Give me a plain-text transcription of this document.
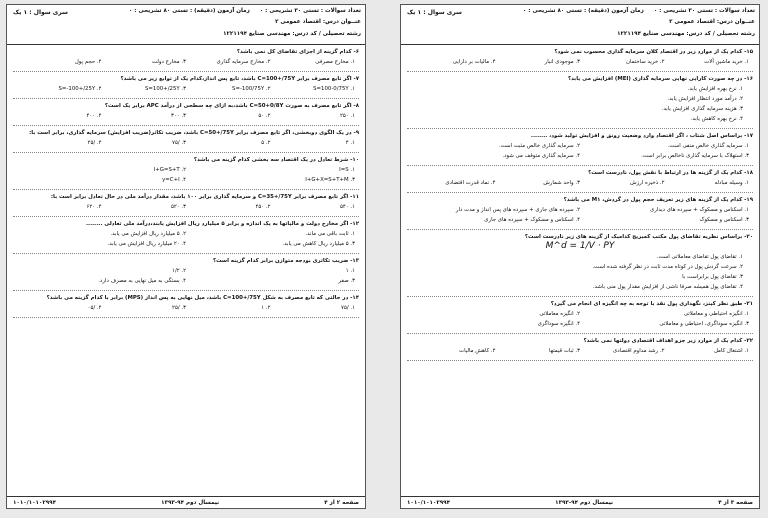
تعداد سوالات : تستی ۳۰ تشریحی : ۰
زمان آزمون (دقیقه) : تستی ۸۰ تشریحی : ۰
سری سوال : ۱ یک
عنــوان درس: اقتصاد عمومی ۲
رشته تحصیلی / کد درس: مهندسی صنایع ۱۲۲۱۱۹۴
۱۵- کدام یک از موارد زیر در اقتصاد کلان سرمایه گذاری محسوب نمی شود؟
۱. خرید ماشین آلات
۲. خرید ساختمان
۳. موجودی انبار
۴. مالیات بر دارایی
۱۶- در چه صورت کارایی نهایی سرمایه گذاری (MEI) افزایش می یابد؟
۱. نرخ بهره افزایش یابد.
۲. درآمد مورد انتظار افزایش یابد.
۳. هزینه سرمایه گذاری افزایش یابد.
۴. نرخ بهره کاهش یابد.
۱۷- براساس اصل شتاب ، اگر اقتصاد وارد وضعیت رونق و افزایش تولید شود، ........
۱. سرمایه گذاری خالص منفی است.
۲. سرمایه گذاری خالص مثبت است.
۳. استهلاک با سرمایه گذاری ناخالص برابر است.
۴. سرمایه گذاری متوقف می شود.
۱۸- کدام یک از گزینه ها در ارتباط با نقش پول، نادرست است؟
۱. وسیله مبادله
۲. ذخیره ارزش
۳. واحد شمارش
۴. نماد قدرت اقتصادی
۱۹- کدام یک از گزینه های زیر تعریف حجم پول در گردش، M۱ می باشد؟
۱. اسکناس و مسکوک + سپرده های دیداری
۲. سپرده های جاری + سپرده های پس انداز و مدت دار
۳. اسکناس و مسکوک
۴. اسکناس و مسکوک + سپرده های جاری
۲۰- براساس نظریه تقاضای پول مکتب کمبریج کدامیک از گزینه های زیر نادرست است؟
M^d = 1/V · PY
۱. تقاضای پول تقاضای معاملاتی است.
۲. سرعت گردش پول در کوتاه مدت ثابت در نظر گرفته شده است.
۳. تقاضای پول برابراست با
۴. تقاضای پول همیشه صرفا ناشی از افزایش مقدار پول منی باشد.
۲۱- طبق نظر کینز، نگهداری پول نقد با توجه به چه انگیزه ای انجام می گیرد؟
۱. انگیزه احتیاطی و معاملاتی
۲. انگیزه معاملاتی
۳. انگیزه سوداگری، احتیاطی و معاملاتی
۴. انگیزه سوداگری
۲۲- کدام یک از موارد زیر جزو اهداف اقتصادی دولتها نمی باشد؟
۱. اشتغال کامل
۲. رشد مداوم اقتصادی
۳. ثبات قیمتها
۴. کاهش مالیات
صفحه ۳ از ۴
نیمسال دوم ۹۴-۱۳۹۳
۱۰۱۰/۱۰۱۰۲۹۹۴
تعداد سوالات : تستی ۳۰ تشریحی : ۰
زمان آزمون (دقیقه) : تستی ۸۰ تشریحی : ۰
سری سوال : ۱ یک
عنــوان درس: اقتصاد عمومی ۲
رشته تحصیلی / کد درس: مهندسی صنایع ۱۲۲۱۱۹۴
۶- کدام گزینه از اجزای تقاضای کل نمی باشد؟
۱. مخارج مصرفی
۲. مخارج سرمایه گذاری
۳. مخارج دولت
۴. حجم پول
۷- اگر تابع مصرف برابر C=100+/75Y باشد، تابع پس انداز،کدام یک از توابع زیر می باشد؟
S=100-0/75Y .۱
S=-100/75Y .۲
S=100+/25Y .۳
S=-100+/25Y .۴
۸- اگر تابع مصرف به صورت C=50+0/8Y باشد،به ازای چه سطحی از درآمد APC برابر یک است؟
۱. ۲۵۰
۲. ۵۰
۳. ۳۰۰
۴. ۴۰۰
۹- در یک الگوی دوبخشی، اگر تابع مصرف برابر C=50+/75Y باشد، ضریب تکاثر(ضریب افزایش) سرمایه گذاری، برابر است با:
۱. ۴
۲. ۵
۳. /۷۵
۴. /۲۵
۱۰- شرط تعادل در یک اقتصاد سه بخشی کدام گزینه می باشد؟
I=S .۱
I+G=S+T .۲
I+G+X=S+T+M .۳
y=C+I .۴
۱۱- اگر تابع مصرف برابر C=35+/75Y و سرمایه گذاری برابر ۱۰۰ باشد، مقدار درآمد ملی در حال تعادل برابر است با:
۱. ۵۴۰
۲. ۴۵۰
۳. ۵۲۰
۴. ۶۲۰
۱۲- اگر مخارج دولت و مالیاتها به یک اندازه و برابر ۵ میلیارد ریال افزایش یابند،درآمد ملی تعادلی ........
۱. ثابت باقی می ماند.
۲. ۵ میلیارد ریال افزایش می یابد.
۳. ۵ میلیارد ریال کاهش می یابد.
۴. ۲۰ میلیارد ریال افزایش می یابد.
۱۳- ضریب تکاثری بودجه متوازن برابر کدام گزینه است؟
۱. ۱
۲. ۱/۲
۳. صفر
۴. بستگی به میل نهایی به مصرف دارد.
۱۴- در حالتی که تابع مصرف به شکل C=100+/75Y باشد، میل نهایی به پس انداز (MPS) برابر با کدام گزینه می باشد؟
۱. /۷۵
۲. ۱
۳. /۲۵
۴. /۰۵
صفحه ۲ از ۴
نیمسال دوم ۹۴-۱۳۹۳
۱۰۱۰/۱۰۱۰۲۹۹۴
